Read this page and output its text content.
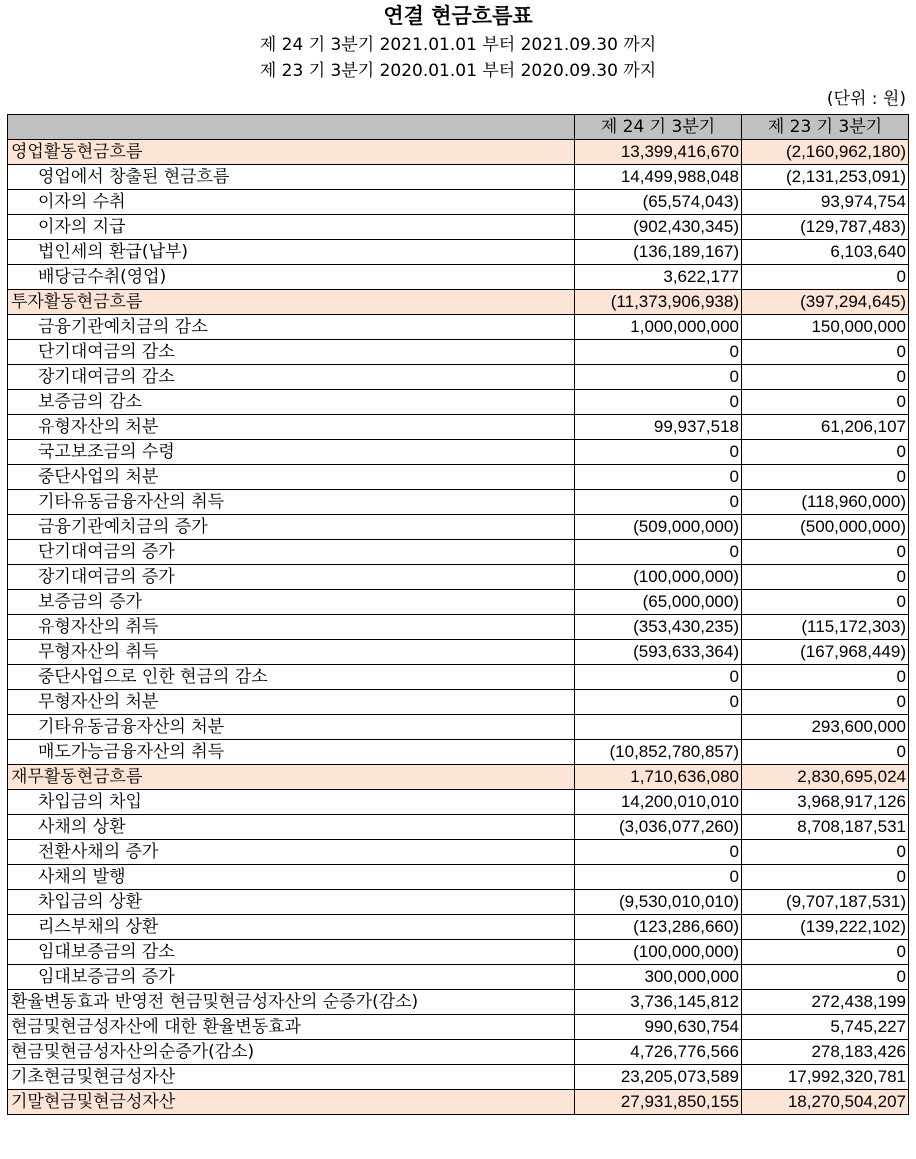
연결 현금흐름표
제 24 기 3분기 2021.01.01 부터 2021.09.30 까지
제 23 기 3분기 2020.01.01 부터 2020.09.30 까지
(단위 : 원)
	제 24 기 3분기	제 23 기 3분기
영업활동현금흐름	13,399,416,670	(2,160,962,180)
영업에서 창출된 현금흐름	14,499,988,048	(2,131,253,091)
이자의 수취	(65,574,043)	93,974,754
이자의 지급	(902,430,345)	(129,787,483)
법인세의 환급(납부)	(136,189,167)	6,103,640
배당금수취(영업)	3,622,177	0
투자활동현금흐름	(11,373,906,938)	(397,294,645)
금융기관예치금의 감소	1,000,000,000	150,000,000
단기대여금의 감소	0	0
장기대여금의 감소	0	0
보증금의 감소	0	0
유형자산의 처분	99,937,518	61,206,107
국고보조금의 수령	0	0
중단사업의 처분	0	0
기타유동금융자산의 취득	0	(118,960,000)
금융기관예치금의 증가	(509,000,000)	(500,000,000)
단기대여금의 증가	0	0
장기대여금의 증가	(100,000,000)	0
보증금의 증가	(65,000,000)	0
유형자산의 취득	(353,430,235)	(115,172,303)
무형자산의 취득	(593,633,364)	(167,968,449)
중단사업으로 인한 현금의 감소	0	0
무형자산의 처분	0	0
기타유동금융자산의 처분		293,600,000
매도가능금융자산의 취득	(10,852,780,857)	0
재무활동현금흐름	1,710,636,080	2,830,695,024
차입금의 차입	14,200,010,010	3,968,917,126
사채의 상환	(3,036,077,260)	8,708,187,531
전환사채의 증가	0	0
사채의 발행	0	0
차입금의 상환	(9,530,010,010)	(9,707,187,531)
리스부채의 상환	(123,286,660)	(139,222,102)
임대보증금의 감소	(100,000,000)	0
임대보증금의 증가	300,000,000	0
환율변동효과 반영전 현금및현금성자산의 순증가(감소)	3,736,145,812	272,438,199
현금및현금성자산에 대한 환율변동효과	990,630,754	5,745,227
현금및현금성자산의순증가(감소)	4,726,776,566	278,183,426
기초현금및현금성자산	23,205,073,589	17,992,320,781
기말현금및현금성자산	27,931,850,155	18,270,504,207
